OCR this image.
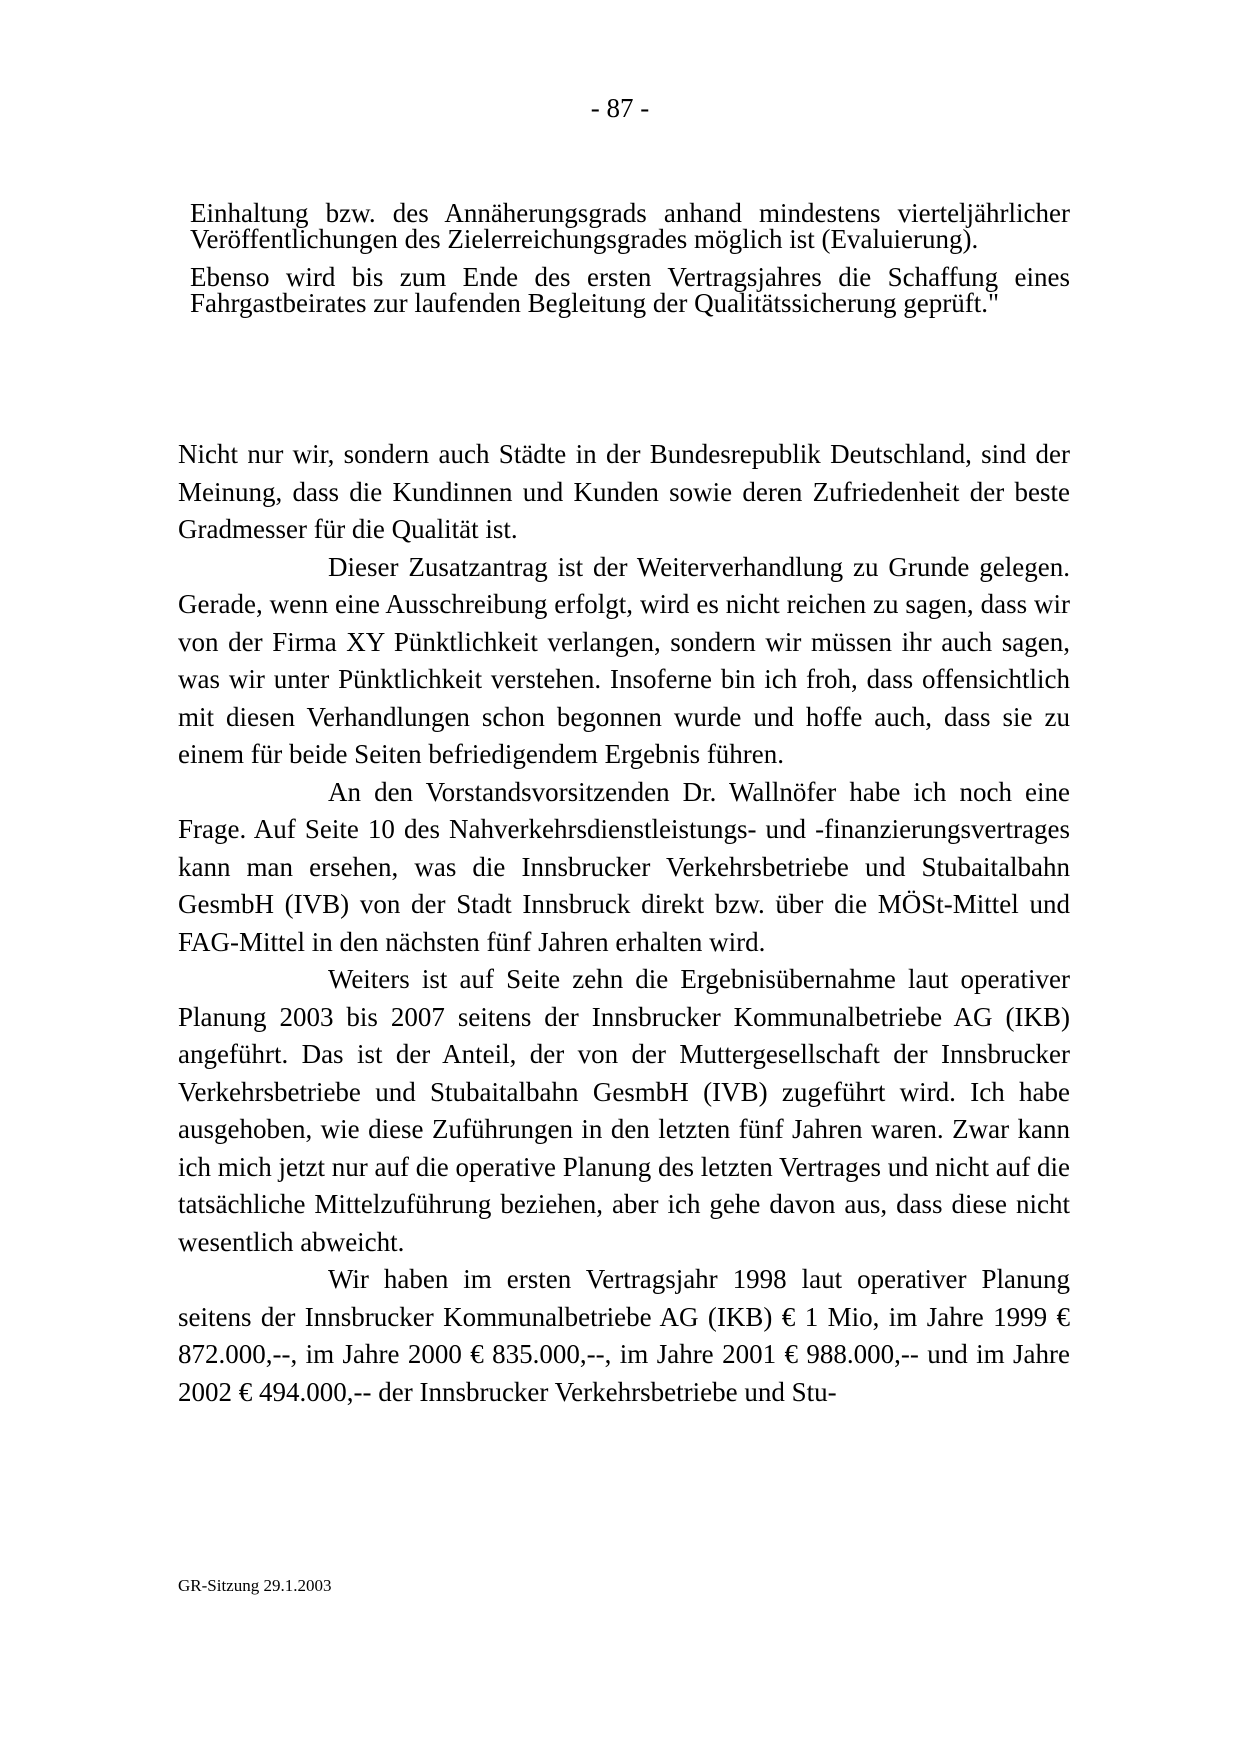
- 87 -

Einhaltung bzw. des Annäherungsgrads anhand mindestens vierteljährlicher Veröffentlichungen des Zielerreichungsgrades möglich ist (Evaluierung).

Ebenso wird bis zum Ende des ersten Vertragsjahres die Schaffung eines Fahrgastbeirates zur laufenden Begleitung der Qualitätssicherung geprüft."

Nicht nur wir, sondern auch Städte in der Bundesrepublik Deutschland, sind der Meinung, dass die Kundinnen und Kunden sowie deren Zufriedenheit der beste Gradmesser für die Qualität ist.

Dieser Zusatzantrag ist der Weiterverhandlung zu Grunde gelegen. Gerade, wenn eine Ausschreibung erfolgt, wird es nicht reichen zu sagen, dass wir von der Firma XY Pünktlichkeit verlangen, sondern wir müssen ihr auch sagen, was wir unter Pünktlichkeit verstehen. Insoferne bin ich froh, dass offensichtlich mit diesen Verhandlungen schon begonnen wurde und hoffe auch, dass sie zu einem für beide Seiten befriedigendem Ergebnis führen.

An den Vorstandsvorsitzenden Dr. Wallnöfer habe ich noch eine Frage. Auf Seite 10 des Nahverkehrsdienstleistungs- und -finanzierungsvertrages kann man ersehen, was die Innsbrucker Verkehrsbetriebe und Stubaitalbahn GesmbH (IVB) von der Stadt Innsbruck direkt bzw. über die MÖSt-Mittel und FAG-Mittel in den nächsten fünf Jahren erhalten wird.

Weiters ist auf Seite zehn die Ergebnisübernahme laut operativer Planung 2003 bis 2007 seitens der Innsbrucker Kommunalbetriebe AG (IKB) angeführt. Das ist der Anteil, der von der Muttergesellschaft der Innsbrucker Verkehrsbetriebe und Stubaitalbahn GesmbH (IVB) zugeführt wird. Ich habe ausgehoben, wie diese Zuführungen in den letzten fünf Jahren waren. Zwar kann ich mich jetzt nur auf die operative Planung des letzten Vertrages und nicht auf die tatsächliche Mittelzuführung beziehen, aber ich gehe davon aus, dass diese nicht wesentlich abweicht.

Wir haben im ersten Vertragsjahr 1998 laut operativer Planung seitens der Innsbrucker Kommunalbetriebe AG (IKB) € 1 Mio, im Jahre 1999 € 872.000,--, im Jahre 2000 € 835.000,--, im Jahre 2001 € 988.000,-- und im Jahre 2002 € 494.000,-- der Innsbrucker Verkehrsbetriebe und Stu-

GR-Sitzung 29.1.2003
